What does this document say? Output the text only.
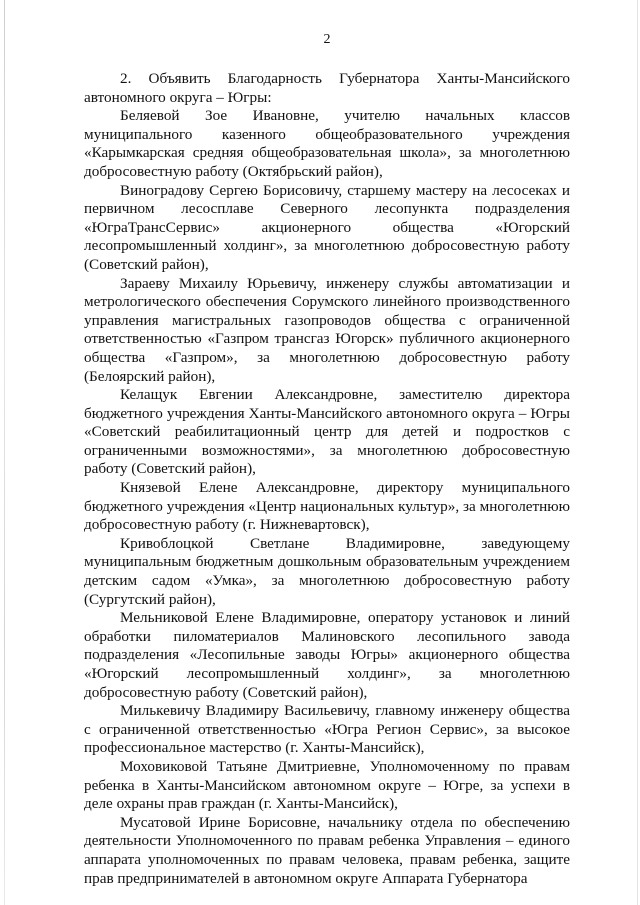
2

2. Объявить Благодарность Губернатора Ханты-Мансийского автономного округа – Югры:

Беляевой Зое Ивановне, учителю начальных классов муниципального казенного общеобразовательного учреждения «Карымкарская средняя общеобразовательная школа», за многолетнюю добросовестную работу (Октябрьский район),

Виноградову Сергею Борисовичу, старшему мастеру на лесосеках и первичном лесосплаве Северного лесопункта подразделения «ЮграТрансСервис» акционерного общества «Югорский лесопромышленный холдинг», за многолетнюю добросовестную работу (Советский район),

Зараеву Михаилу Юрьевичу, инженеру службы автоматизации и метрологического обеспечения Сорумского линейного производственного управления магистральных газопроводов общества с ограниченной ответственностью «Газпром трансгаз Югорск» публичного акционерного общества «Газпром», за многолетнюю добросовестную работу (Белоярский район),

Келащук Евгении Александровне, заместителю директора бюджетного учреждения Ханты-Мансийского автономного округа – Югры «Советский реабилитационный центр для детей и подростков с ограниченными возможностями», за многолетнюю добросовестную работу (Советский район),

Князевой Елене Александровне, директору муниципального бюджетного учреждения «Центр национальных культур», за многолетнюю добросовестную работу (г. Нижневартовск),

Кривоблоцкой Светлане Владимировне, заведующему муниципальным бюджетным дошкольным образовательным учреждением детским садом «Умка», за многолетнюю добросовестную работу (Сургутский район),

Мельниковой Елене Владимировне, оператору установок и линий обработки пиломатериалов Малиновского лесопильного завода подразделения «Лесопильные заводы Югры» акционерного общества «Югорский лесопромышленный холдинг», за многолетнюю добросовестную работу (Советский район),

Милькевичу Владимиру Васильевичу, главному инженеру общества с ограниченной ответственностью «Югра Регион Сервис», за высокое профессиональное мастерство (г. Ханты-Мансийск),

Моховиковой Татьяне Дмитриевне, Уполномоченному по правам ребенка в Ханты-Мансийском автономном округе – Югре, за успехи в деле охраны прав граждан (г. Ханты-Мансийск),

Мусатовой Ирине Борисовне, начальнику отдела по обеспечению деятельности Уполномоченного по правам ребенка Управления – единого аппарата уполномоченных по правам человека, правам ребенка, защите прав предпринимателей в автономном округе Аппарата Губернатора
